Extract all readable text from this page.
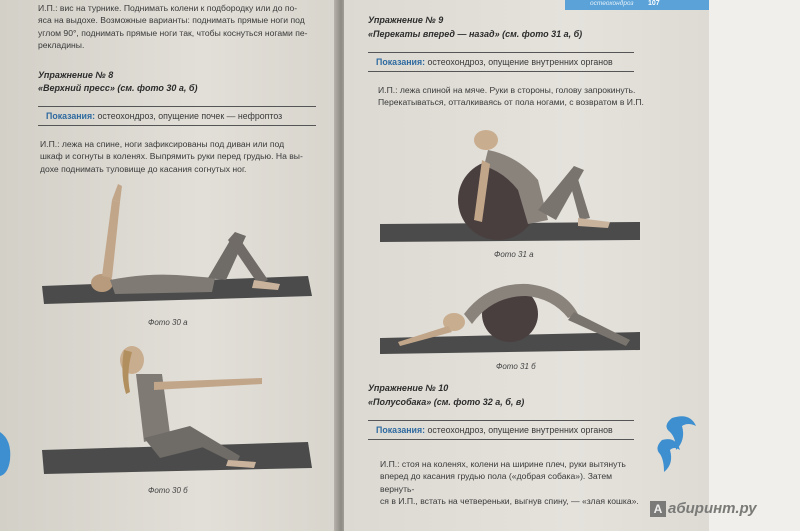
остеохондроз 107
И.П.: вис на турнике. Поднимать колени к подбородку или до по-
яса на выдохе. Возможные варианты: поднимать прямые ноги под
углом 90°, поднимать прямые ноги так, чтобы коснуться ногами пе-
рекладины.
Упражнение № 8
«Верхний пресс» (см. фото 30 а, б)
Показания: остеохондроз, опущение почек — нефроптоз
И.П.: лежа на спине, ноги зафиксированы под диван или под
шкаф и согнуты в коленях. Выпрямить руки перед грудью. На вы-
дохе поднимать туловище до касания согнутых ног.
Фото 30 а
Фото 30 б
Упражнение № 9
«Перекаты вперед — назад» (см. фото 31 а, б)
Показания: остеохондроз, опущение внутренних органов
И.П.: лежа спиной на мяче. Руки в стороны, голову запрокинуть.
Перекатываться, отталкиваясь от пола ногами, с возвратом в И.П.
Фото 31 а
Фото 31 б
Упражнение № 10
«Полусобака» (см. фото 32 а, б, в)
Показания: остеохондроз, опущение внутренних органов
И.П.: стоя на коленях, колени на ширине плеч, руки вытянуть
вперед до касания грудью пола («добрая собака»). Затем вернуть-
ся в И.П., встать на четвереньки, выгнув спину, — «злая кошка».
А абиринт.ру
